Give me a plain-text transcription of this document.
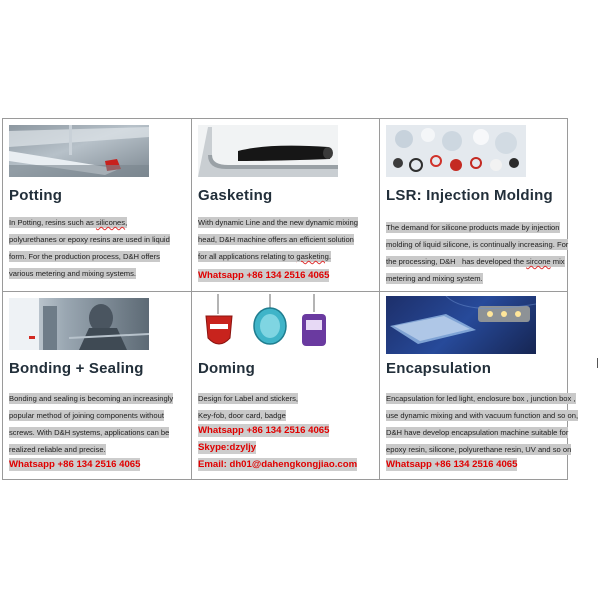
Potting
In Potting, resins such as silicones,
polyurethanes or epoxy resins are used in liquid
form. For the production process, D&H offers
various metering and mixing systems.
Gasketing
With dynamic Line and the new dynamic mixing
head, D&H machine offers an efficient solution
for all applications relating to gasketing.
Whatsapp +86 134 2516 4065
LSR: Injection Molding
The demand for silicone products made by injection
molding of liquid silicone, is continually increasing. For
the processing, D&H   has developed the sircone mix
metering and mixing system.
Bonding + Sealing
Bonding and sealing is becoming an increasingly
popular method of joining components without
screws. With D&H systems, applications can be
realized reliable and precise.
Whatsapp +86 134 2516 4065
Doming
Design for Label and stickers,
Key-fob, door card, badge
Whatsapp +86 134 2516 4065
Skype:dzyljy
Email: dh01@dahengkongjiao.com
Encapsulation
Encapsulation for led light, enclosure box , junction box ,
use dynamic mixing and with vacuum function and so on,
D&H have develop encapsulation machine suitable for
epoxy resin, silicone, polyurethane resin, UV and so on
Whatsapp +86 134 2516 4065
